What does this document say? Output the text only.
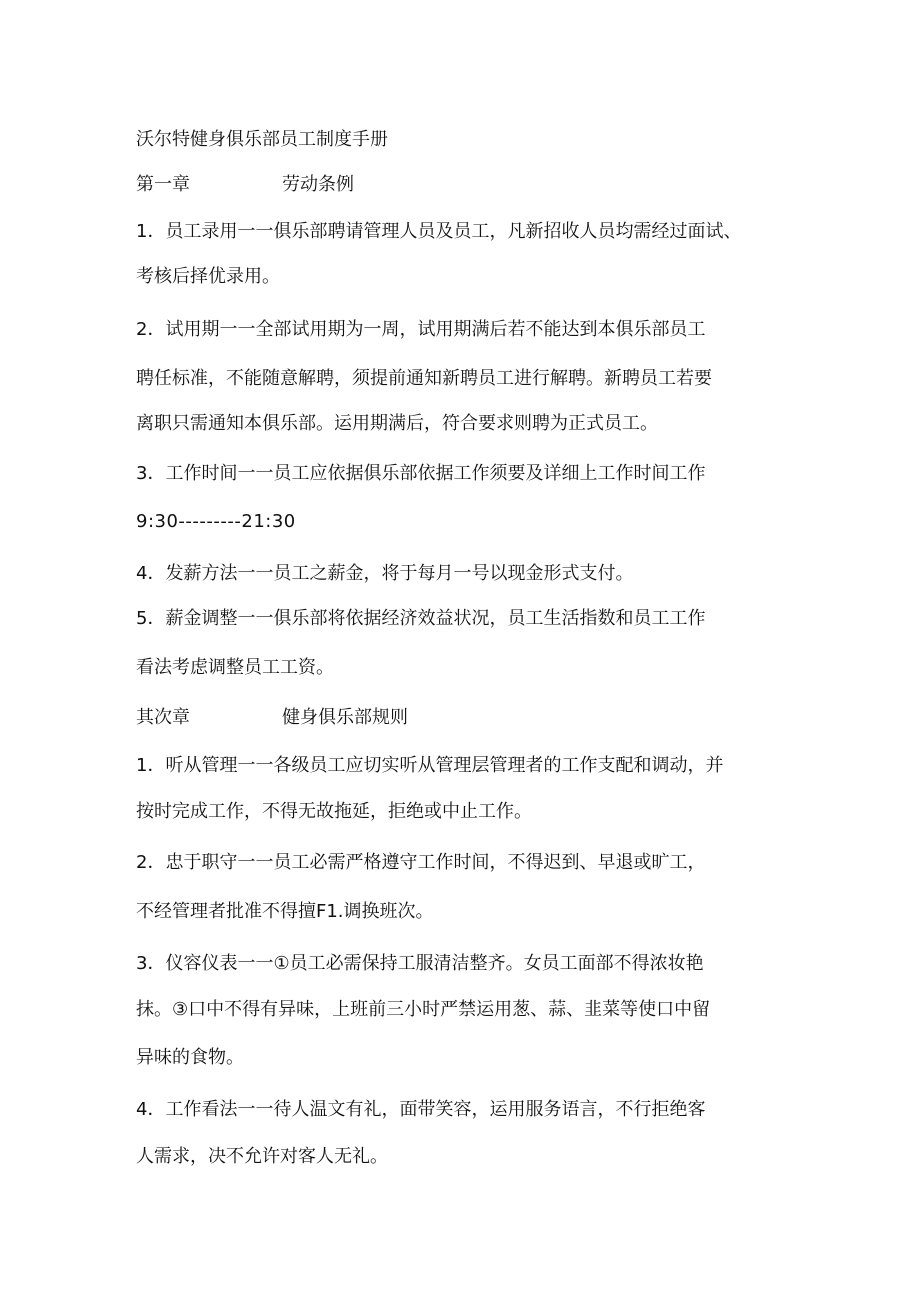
沃尔特健身俱乐部员工制度手册
第一章	劳动条例
1．员工录用一一俱乐部聘请管理人员及员工，凡新招收人员均需经过面试、
考核后择优录用。
2．试用期一一全部试用期为一周，试用期满后若不能达到本俱乐部员工
聘任标准，不能随意解聘，须提前通知新聘员工进行解聘。新聘员工若要
离职只需通知本俱乐部。运用期满后，符合要求则聘为正式员工。
3．工作时间一一员工应依据俱乐部依据工作须要及详细上工作时间工作
9:30---------21:30
4．发薪方法一一员工之薪金，将于每月一号以现金形式支付。
5．薪金调整一一俱乐部将依据经济效益状况，员工生活指数和员工工作
看法考虑调整员工工资。
其次章	健身俱乐部规则
1．听从管理一一各级员工应切实听从管理层管理者的工作支配和调动，并
按时完成工作，不得无故拖延，拒绝或中止工作。
2．忠于职守一一员工必需严格遵守工作时间，不得迟到、早退或旷工，
不经管理者批准不得擅F1.调换班次。
3．仪容仪表一一①员工必需保持工服清洁整齐。女员工面部不得浓妆艳
抹。③口中不得有异味，上班前三小时严禁运用葱、蒜、韭菜等使口中留
异味的食物。
4．工作看法一一待人温文有礼，面带笑容，运用服务语言，不行拒绝客
人需求，决不允许对客人无礼。
